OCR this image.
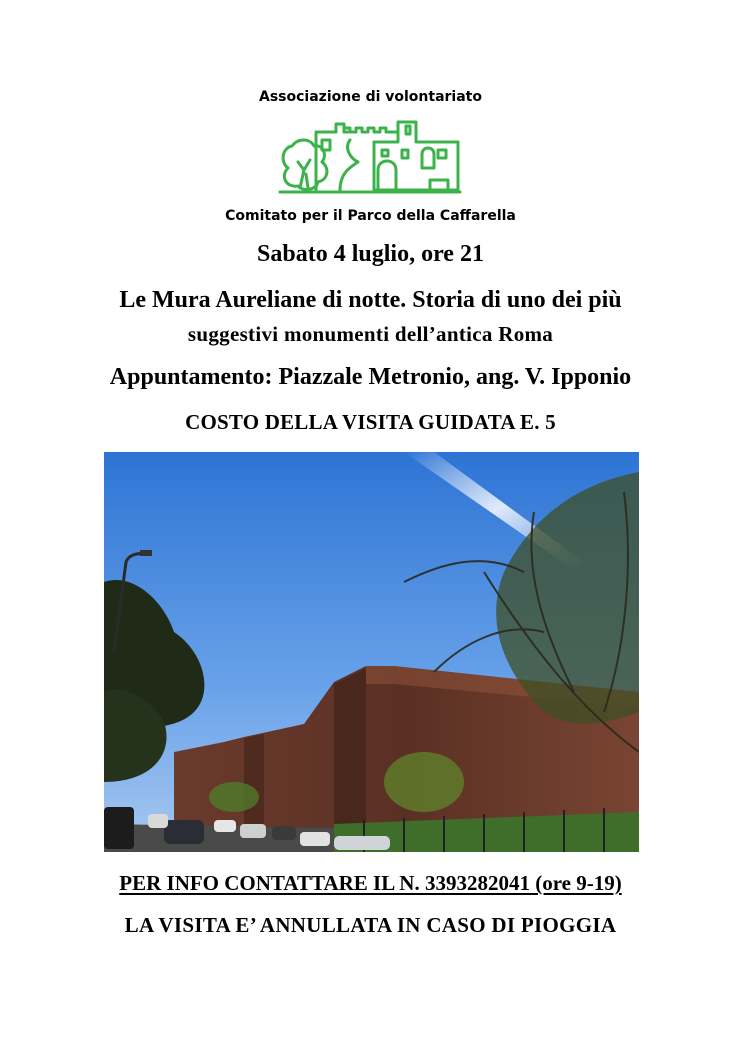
Associazione di volontariato
Comitato per il Parco della Caffarella
Sabato 4 luglio, ore 21
Le Mura Aureliane di notte. Storia di uno dei più
suggestivi monumenti dell’antica Roma
Appuntamento: Piazzale Metronio, ang. V. Ipponio
COSTO DELLA VISITA GUIDATA E. 5
PER INFO CONTATTARE IL N. 3393282041 (ore 9-19)
LA VISITA E’ ANNULLATA IN CASO DI PIOGGIA
